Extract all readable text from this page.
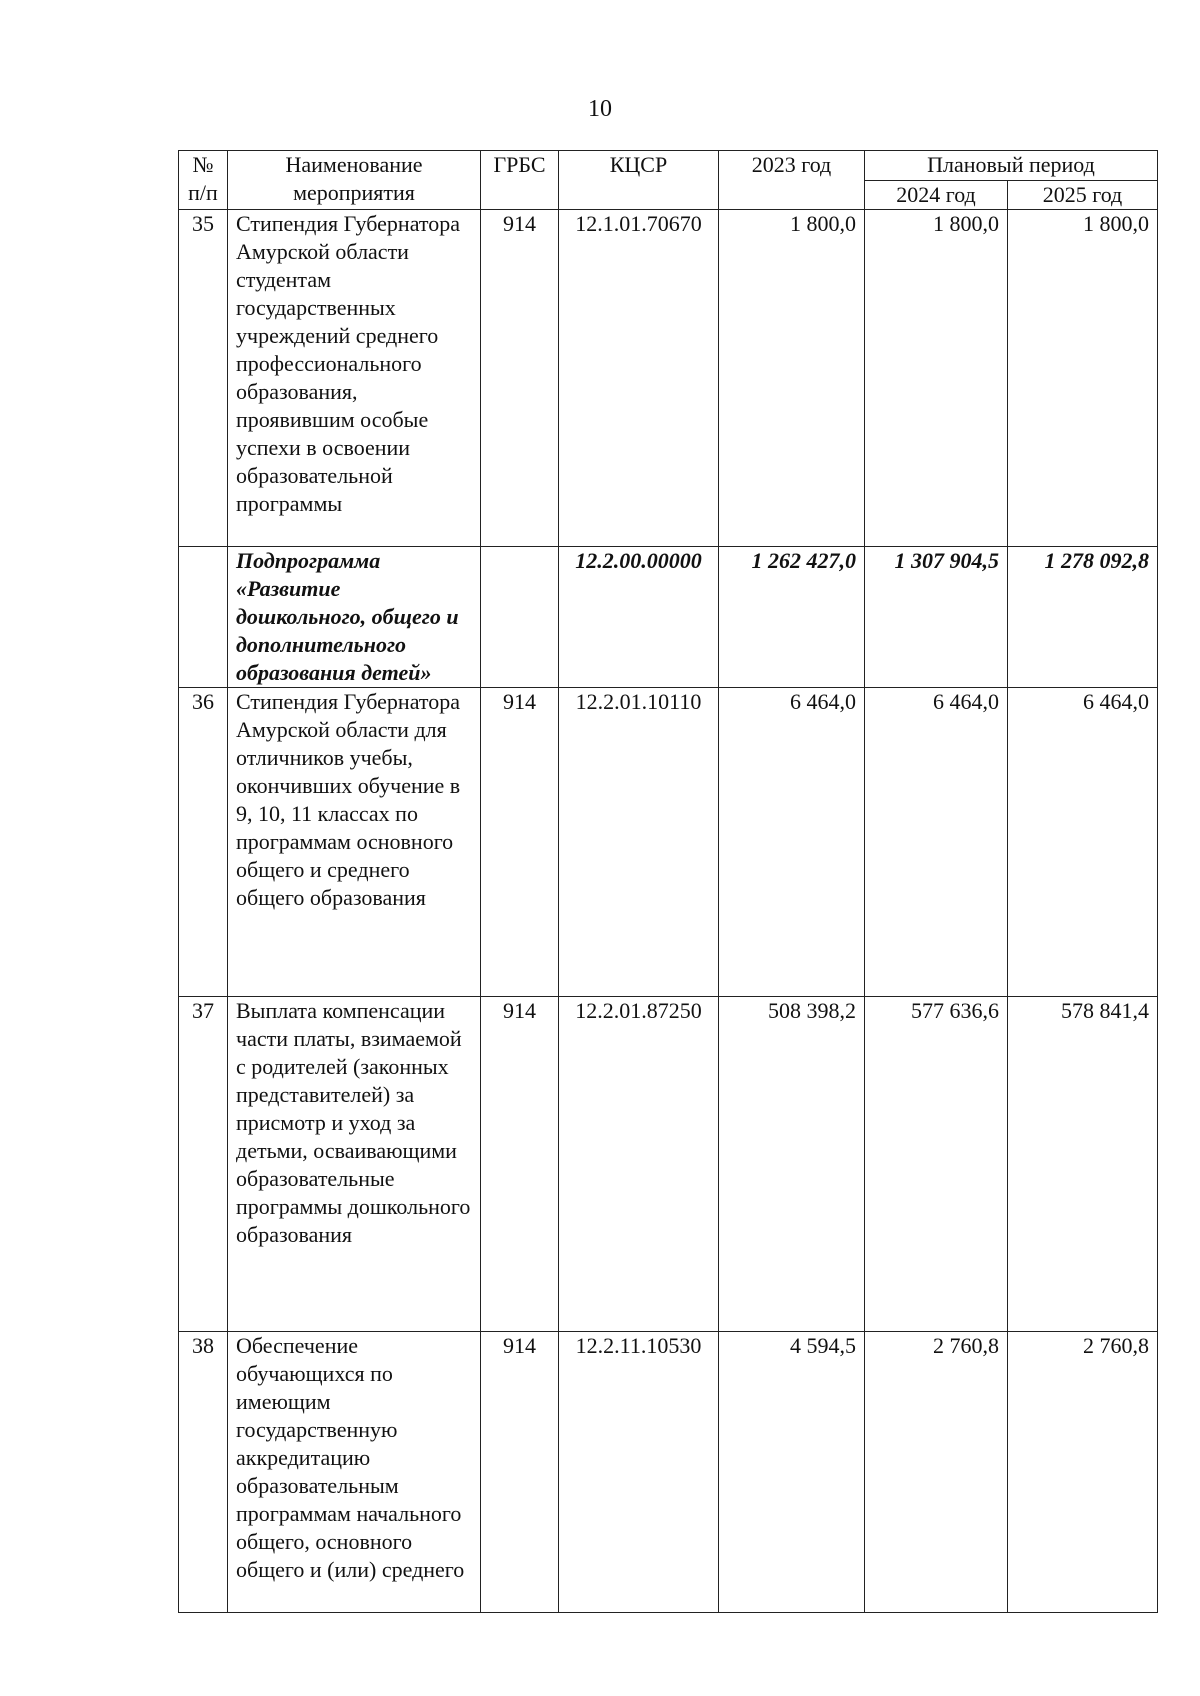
10
№ п/п	Наименование мероприятия	ГРБС	КЦСР	2023 год	Плановый период	
					2024 год	2025 год
35	Стипендия Губернатора Амурской области студентам государственных учреждений среднего профессионального образования, проявившим особые успехи в освоении образовательной программы	914	12.1.01.70670	1 800,0	1 800,0	1 800,0
	Подпрограмма «Развитие дошкольного, общего и дополнительного образования детей»		12.2.00.00000	1 262 427,0	1 307 904,5	1 278 092,8
36	Стипендия Губернатора Амурской области для отличников учебы, окончивших обучение в 9, 10, 11 классах по программам основного общего и среднего общего образования	914	12.2.01.10110	6 464,0	6 464,0	6 464,0
37	Выплата компенсации части платы, взимаемой с родителей (законных представителей) за присмотр и уход за детьми, осваивающими образовательные программы дошкольного образования	914	12.2.01.87250	508 398,2	577 636,6	578 841,4
38	Обеспечение обучающихся по имеющим государственную аккредитацию образовательным программам начального общего, основного общего и (или) среднего	914	12.2.11.10530	4 594,5	2 760,8	2 760,8
